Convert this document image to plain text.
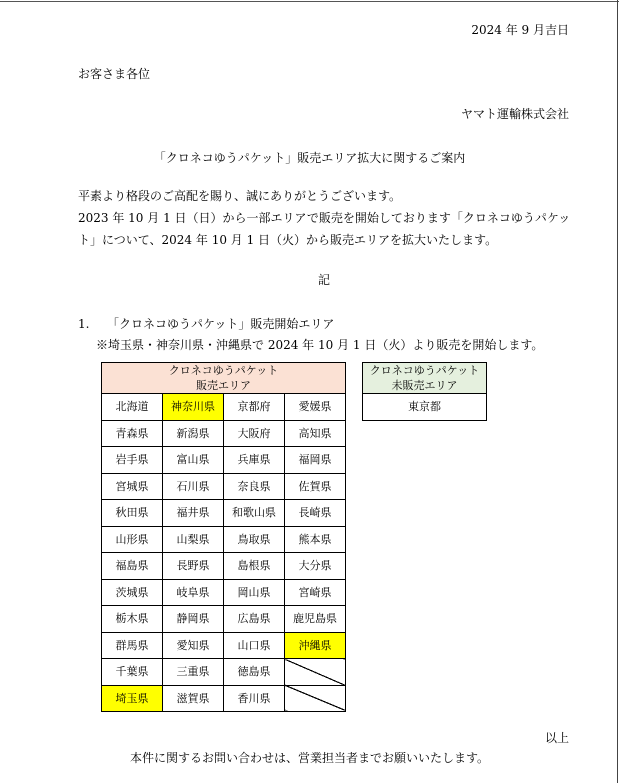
2024 年 9 月吉日
お客さま各位
ヤマト運輸株式会社
「クロネコゆうパケット」販売エリア拡大に関するご案内
平素より格段のご高配を賜り、誠にありがとうございます。
2023 年 10 月 1 日（日）から一部エリアで販売を開始しております「クロネコゆうパケッ
ト」について、2024 年 10 月 1 日（火）から販売エリアを拡大いたします。
記
1. 「クロネコゆうパケット」販売開始エリア
※埼玉県・神奈川県・沖縄県で 2024 年 10 月 1 日（火）より販売を開始します。
クロネコゆうパケット
販売エリア			
北海道	神奈川県	京都府	愛媛県
青森県	新潟県	大阪府	高知県
岩手県	富山県	兵庫県	福岡県
宮城県	石川県	奈良県	佐賀県
秋田県	福井県	和歌山県	長崎県
山形県	山梨県	鳥取県	熊本県
福島県	長野県	島根県	大分県
茨城県	岐阜県	岡山県	宮崎県
栃木県	静岡県	広島県	鹿児島県
群馬県	愛知県	山口県	沖縄県
千葉県	三重県	徳島県	
埼玉県	滋賀県	香川県	
クロネコゆうパケット
未販売エリア
東京都
以上
本件に関するお問い合わせは、営業担当者までお願いいたします。
